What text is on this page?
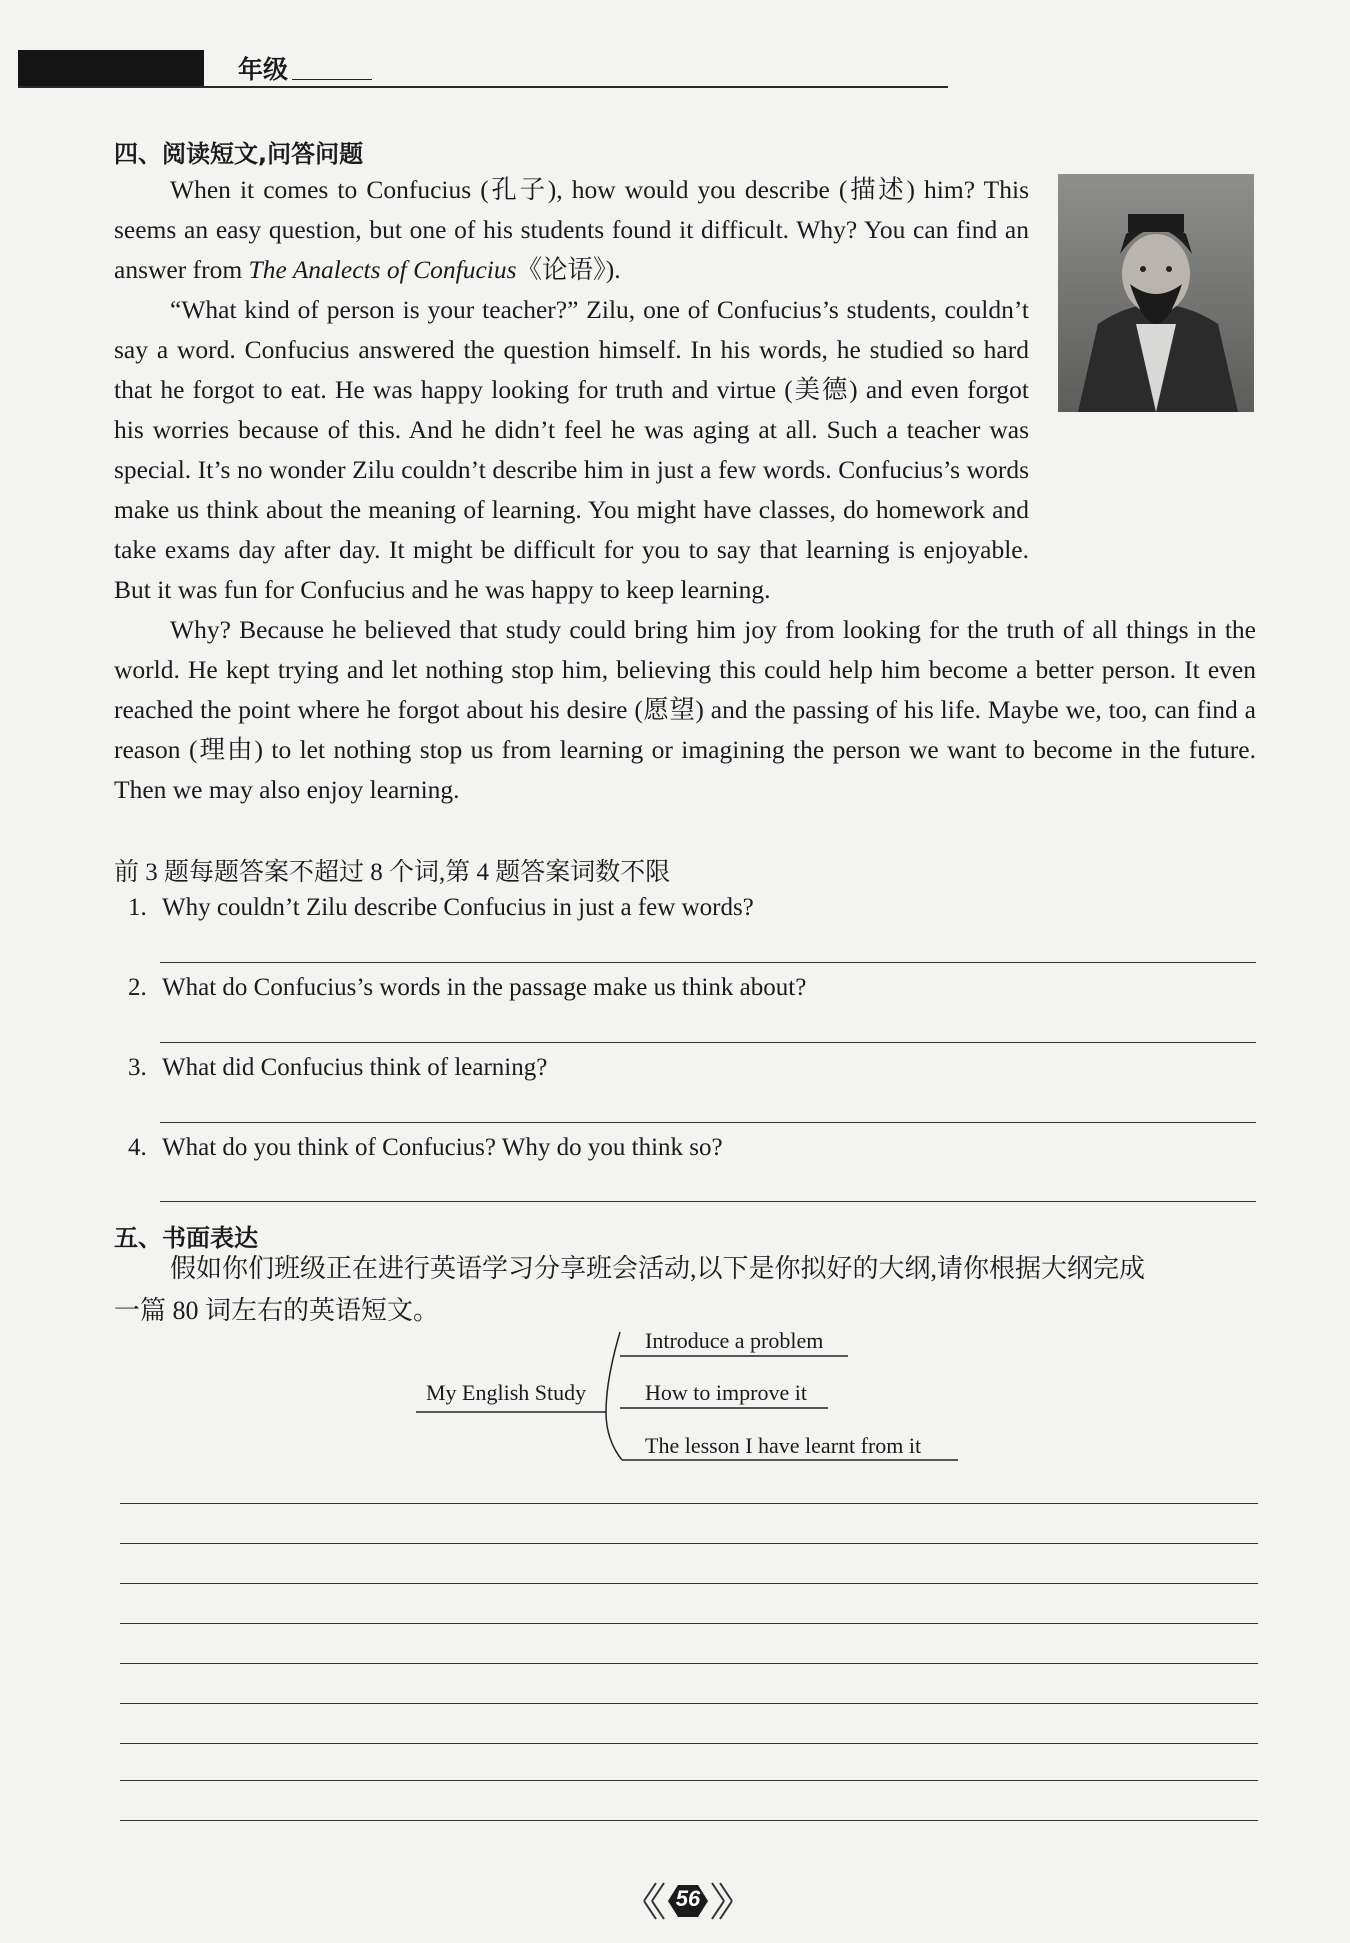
年级
四、阅读短文,问答问题

When it comes to Confucius (孔子), how would you describe (描述) him? This seems an easy question, but one of his students found it difficult. Why? You can find an answer from The Analects of Confucius《论语》).

“What kind of person is your teacher?” Zilu, one of Confucius’s students, couldn’t say a word. Confucius answered the question himself. In his words, he studied so hard that he forgot to eat. He was happy looking for truth and virtue (美德) and even forgot his worries because of this. And he didn’t feel he was aging at all. Such a teacher was special. It’s no wonder Zilu couldn’t describe him in just a few words. Confucius’s words make us think about the meaning of learning. You might have classes, do homework and take exams day after day. It might be difficult for you to say that learning is enjoyable. But it was fun for Confucius and he was happy to keep learning.

Why? Because he believed that study could bring him joy from looking for the truth of all things in the world. He kept trying and let nothing stop him, believing this could help him become a better person. It even reached the point where he forgot about his desire (愿望) and the passing of his life. Maybe we, too, can find a reason (理由) to let nothing stop us from learning or imagining the person we want to become in the future. Then we may also enjoy learning.

前 3 题每题答案不超过 8 个词,第 4 题答案词数不限
1. Why couldn’t Zilu describe Confucius in just a few words?
2. What do Confucius’s words in the passage make us think about?
3. What did Confucius think of learning?
4. What do you think of Confucius? Why do you think so?
五、书面表达
假如你们班级正在进行英语学习分享班会活动,以下是你拟好的大纲,请你根据大纲完成
一篇 80 词左右的英语短文。
My English Study
Introduce a problem
How to improve it
The lesson I have learnt from it
56
